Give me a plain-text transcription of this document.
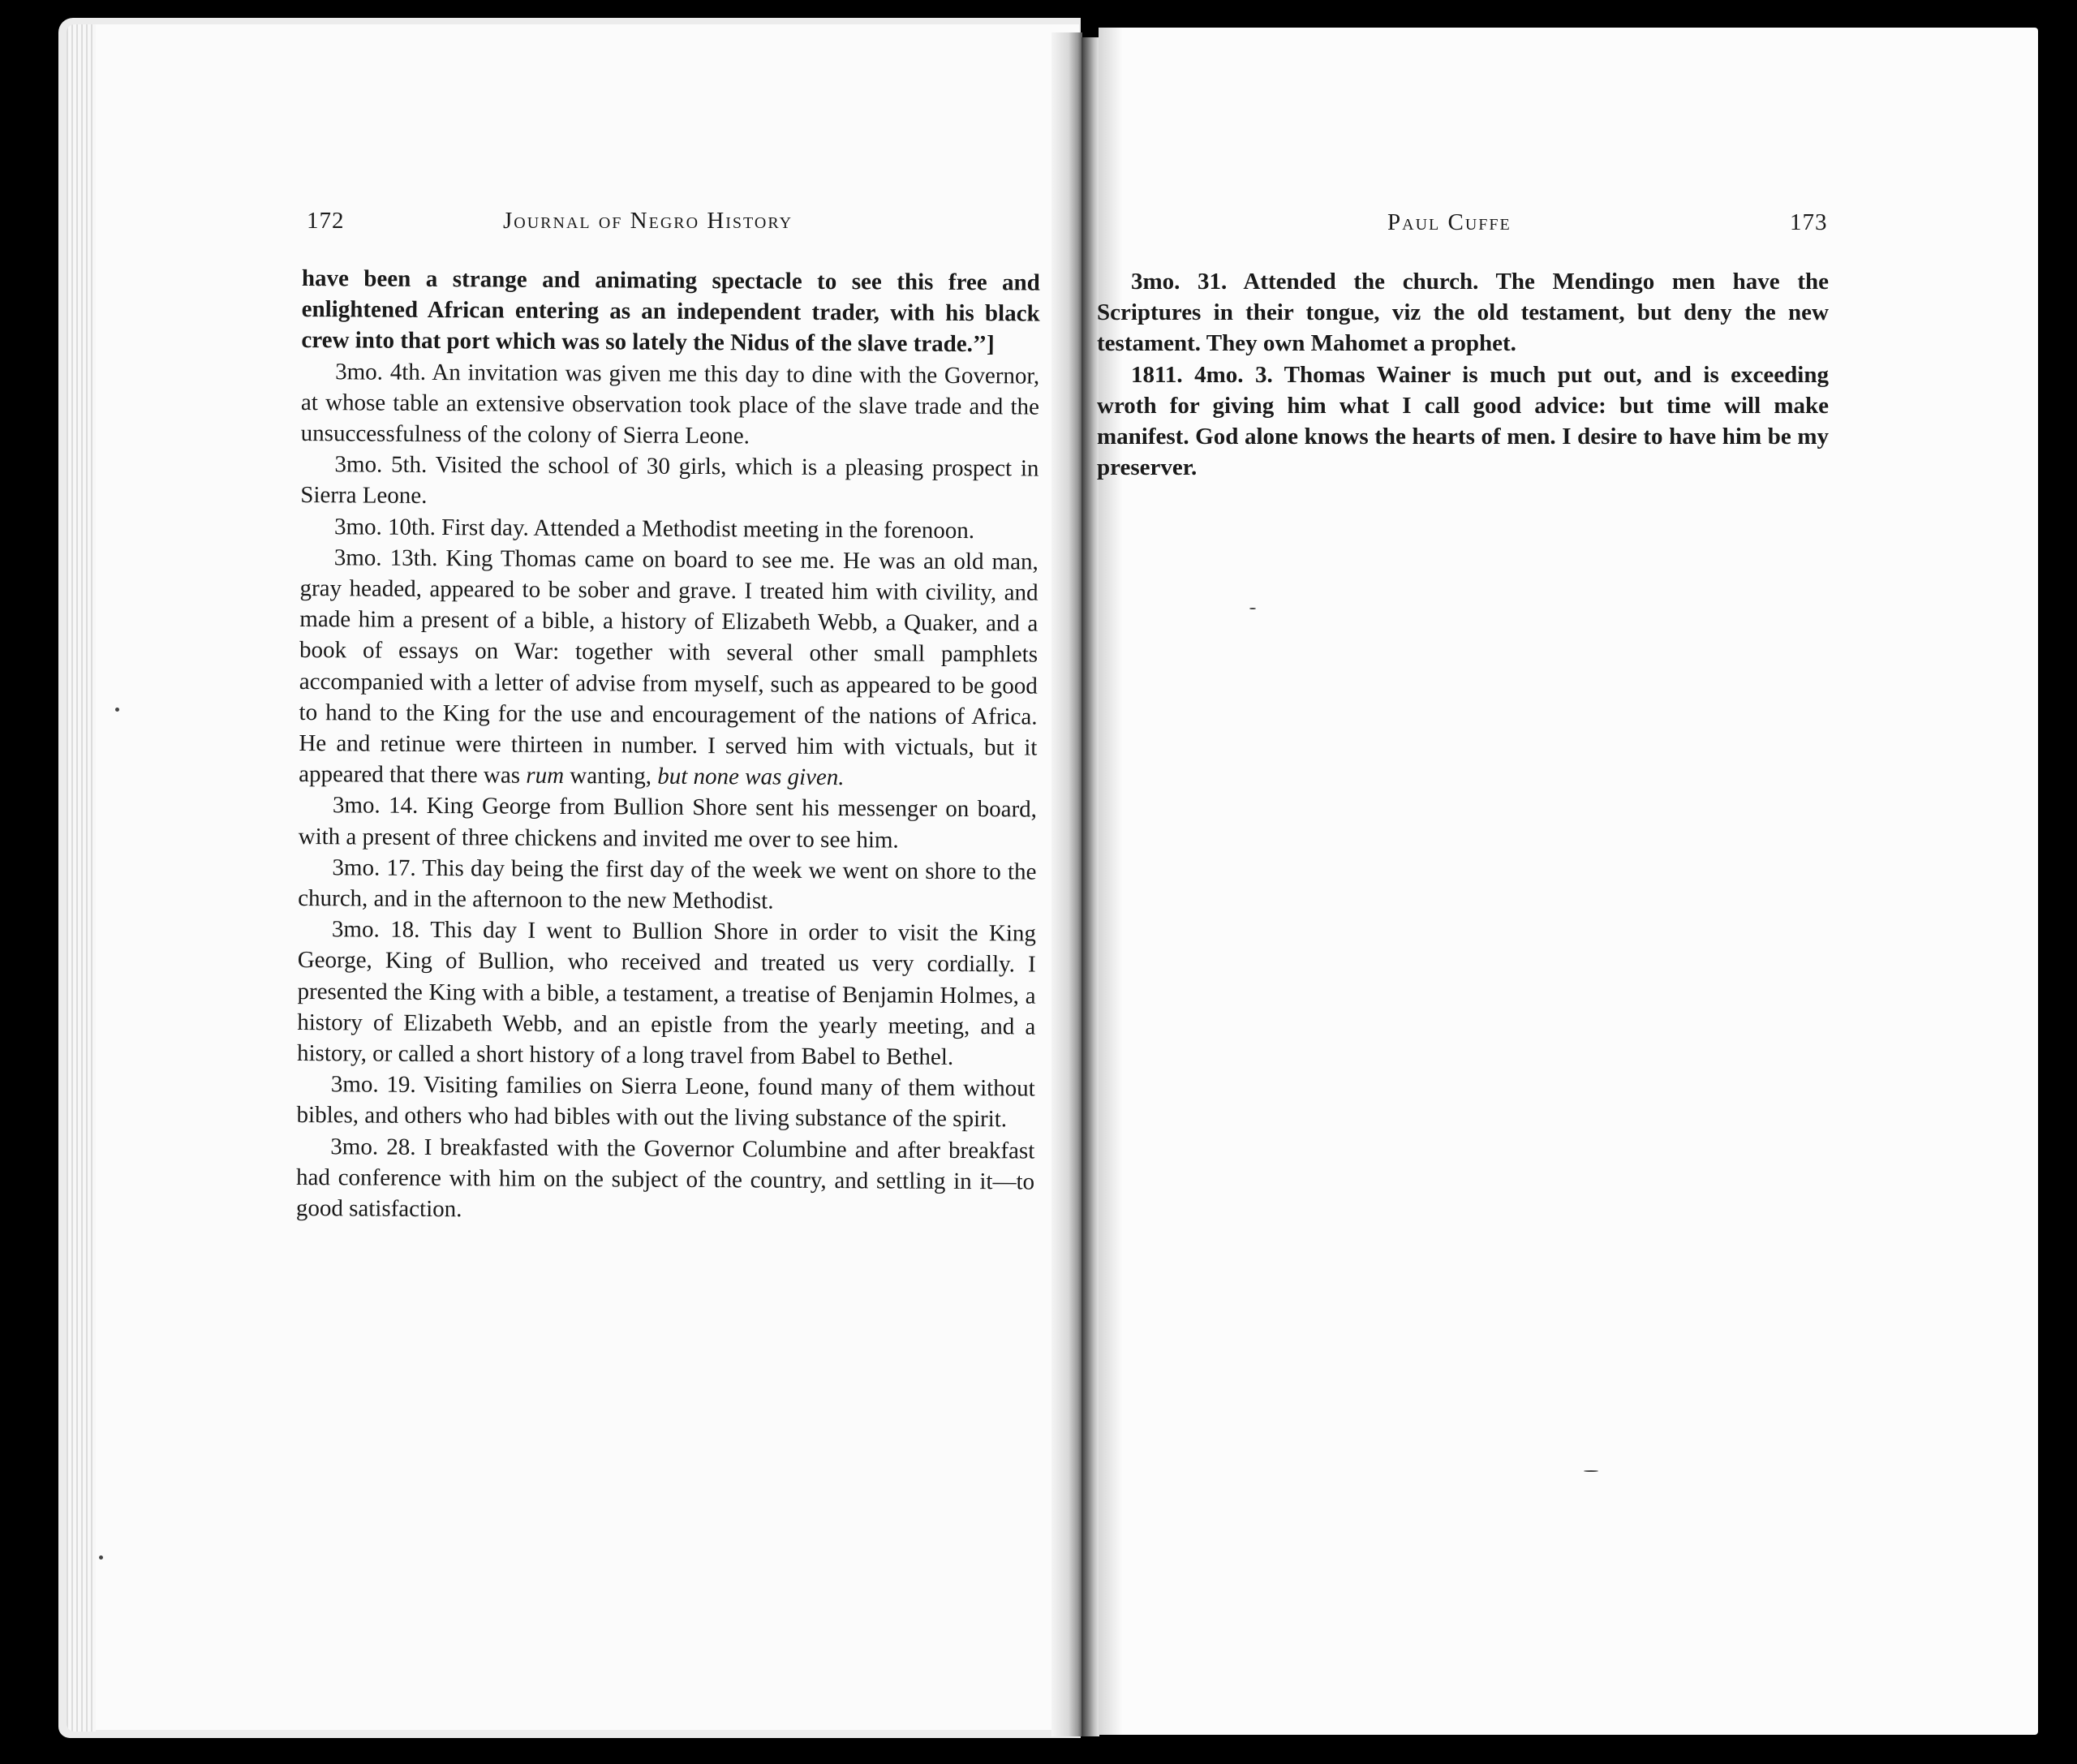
172	Journal of Negro History	Paul Cuffe	173

have been a strange and animating spectacle to see this free and enlightened African entering as an independent trader, with his black crew into that port which was so lately the Nidus of the slave trade.’’]

3mo. 4th. An invitation was given me this day to dine with the Governor, at whose table an extensive observation took place of the slave trade and the unsuccessfulness of the colony of Sierra Leone.

3mo. 5th. Visited the school of 30 girls, which is a pleasing prospect in Sierra Leone.

3mo. 10th. First day. Attended a Methodist meeting in the forenoon.

3mo. 13th. King Thomas came on board to see me. He was an old man, gray headed, appeared to be sober and grave. I treated him with civility, and made him a present of a bible, a history of Elizabeth Webb, a Quaker, and a book of essays on War: together with several other small pamphlets accompanied with a letter of advise from myself, such as appeared to be good to hand to the King for the use and encouragement of the nations of Africa. He and retinue were thirteen in number. I served him with victuals, but it appeared that there was rum wanting, but none was given.

3mo. 14. King George from Bullion Shore sent his messenger on board, with a present of three chickens and invited me over to see him.

3mo. 17. This day being the first day of the week we went on shore to the church, and in the afternoon to the new Methodist.

3mo. 18. This day I went to Bullion Shore in order to visit the King George, King of Bullion, who received and treated us very cordially. I presented the King with a bible, a testament, a treatise of Benjamin Holmes, a history of Elizabeth Webb, and an epistle from the yearly meeting, and a history, or called a short history of a long travel from Babel to Bethel.

3mo. 19. Visiting families on Sierra Leone, found many of them without bibles, and others who had bibles with out the living substance of the spirit.

3mo. 28. I breakfasted with the Governor Columbine and after breakfast had conference with him on the subject of the country, and settling in it—to good satisfaction.

3mo. 31. Attended the church. The Mendingo men have the Scriptures in their tongue, viz the old testament, but deny the new testament. They own Mahomet a prophet.

1811. 4mo. 3. Thomas Wainer is much put out, and is exceeding wroth for giving him what I call good advice: but time will make manifest. God alone knows the hearts of men. I desire to have him be my preserver.
